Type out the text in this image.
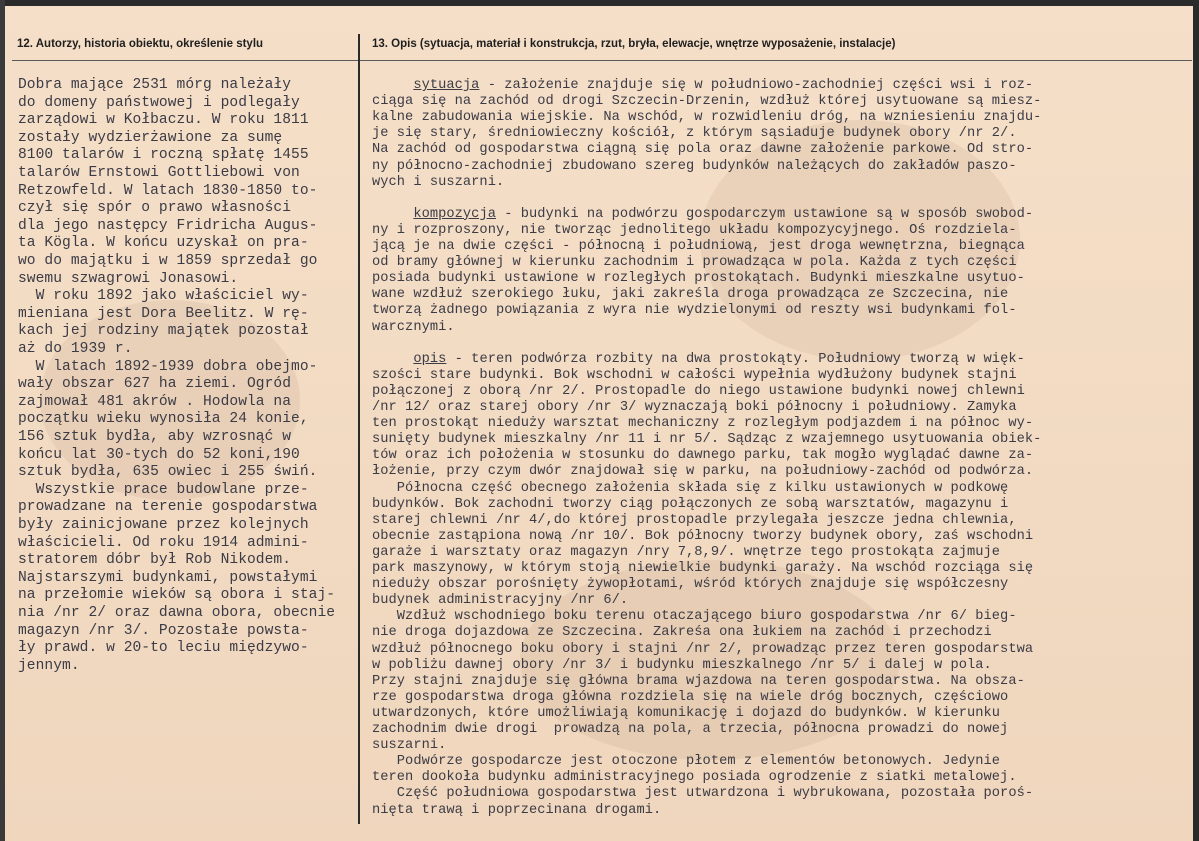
12. Autorzy, historia obiektu, określenie stylu	13. Opis (sytuacja, materiał i konstrukcja, rzut, bryła, elewacje, wnętrze wyposażenie, instalacje)
Dobra mające 2531 mórg należały
do domeny państwowej i podlegały
zarządowi w Kołbaczu. W roku 1811
zostały wydzierżawione za sumę
8100 talarów i roczną spłatę 1455
talarów Ernstowi Gottliebowi von
Retzowfeld. W latach 1830-1850 to-
czył się spór o prawo własności
dla jego następcy Fridricha Augus-
ta Kögla. W końcu uzyskał on pra-
wo do majątku i w 1859 sprzedał go
swemu szwagrowi Jonasowi.
W roku 1892 jako właściciel wy-
mieniana jest Dora Beelitz. W rę-
kach jej rodziny majątek pozostał
aż do 1939 r.
W latach 1892-1939 dobra obejmo-
wały obszar 627 ha ziemi. Ogród
zajmował 481 akrów . Hodowla na
początku wieku wynosiła 24 konie,
156 sztuk bydła, aby wzrosnąć w
końcu lat 30-tych do 52 koni,190
sztuk bydła, 635 owiec i 255 świń.
Wszystkie prace budowlane prze-
prowadzane na terenie gospodarstwa
były zainicjowane przez kolejnych
właścicieli. Od roku 1914 admini-
stratorem dóbr był Rob Nikodem.
Najstarszymi budynkami, powstałymi
na przełomie wieków są obora i staj-
nia /nr 2/ oraz dawna obora, obecnie
magazyn /nr 3/. Pozostałe powsta-
ły prawd. w 20-to leciu międzywo-
jennym.
sytuacja - założenie znajduje się w południowo-zachodniej części wsi i roz-
ciąga się na zachód od drogi Szczecin-Drzenin, wzdłuż której usytuowane są miesz-
kalne zabudowania wiejskie. Na wschód, w rozwidleniu dróg, na wzniesieniu znajdu-
je się stary, średniowieczny kościół, z którym sąsiaduje budynek obory /nr 2/.
Na zachód od gospodarstwa ciągną się pola oraz dawne założenie parkowe. Od stro-
ny północno-zachodniej zbudowano szereg budynków należących do zakładów paszo-
wych i suszarni.
kompozycja - budynki na podwórzu gospodarczym ustawione są w sposób swobod-
ny i rozproszony, nie tworząc jednolitego układu kompozycyjnego. Oś rozdziela-
jącą je na dwie części - północną i południową, jest droga wewnętrzna, biegnąca
od bramy głównej w kierunku zachodnim i prowadząca w pola. Każda z tych części
posiada budynki ustawione w rozległych prostokątach. Budynki mieszkalne usytuo-
wane wzdłuż szerokiego łuku, jaki zakreśla droga prowadząca ze Szczecina, nie
tworzą żadnego powiązania z wyra nie wydzielonymi od reszty wsi budynkami fol-
warcznymi.
opis - teren podwórza rozbity na dwa prostokąty. Południowy tworzą w więk-
szości stare budynki. Bok wschodni w całości wypełnia wydłużony budynek stajni
połączonej z oborą /nr 2/. Prostopadle do niego ustawione budynki nowej chlewni
/nr 12/ oraz starej obory /nr 3/ wyznaczają boki północny i południowy. Zamyka
ten prostokąt nieduży warsztat mechaniczny z rozległym podjazdem i na północ wy-
sunięty budynek mieszkalny /nr 11 i nr 5/. Sądząc z wzajemnego usytuowania obiek-
tów oraz ich położenia w stosunku do dawnego parku, tak mogło wyglądać dawne za-
łożenie, przy czym dwór znajdował się w parku, na południowy-zachód od podwórza.
Północna część obecnego założenia składa się z kilku ustawionych w podkowę
budynków. Bok zachodni tworzy ciąg połączonych ze sobą warsztatów, magazynu i
starej chlewni /nr 4/,do której prostopadle przylegała jeszcze jedna chlewnia,
obecnie zastąpiona nową /nr 10/. Bok północny tworzy budynek obory, zaś wschodni
garaże i warsztaty oraz magazyn /nry 7,8,9/. wnętrze tego prostokąta zajmuje
park maszynowy, w którym stoją niewielkie budynki garaży. Na wschód rozciąga się
nieduży obszar porośnięty żywopłotami, wśród których znajduje się współczesny
budynek administracyjny /nr 6/.
Wzdłuż wschodniego boku terenu otaczającego biuro gospodarstwa /nr 6/ bieg-
nie droga dojazdowa ze Szczecina. Zakreśa ona łukiem na zachód i przechodzi
wzdłuż północnego boku obory i stajni /nr 2/, prowadząc przez teren gospodarstwa
w pobliżu dawnej obory /nr 3/ i budynku mieszkalnego /nr 5/ i dalej w pola.
Przy stajni znajduje się główna brama wjazdowa na teren gospodarstwa. Na obsza-
rze gospodarstwa droga główna rozdziela się na wiele dróg bocznych, częściowo
utwardzonych, które umożliwiają komunikację i dojazd do budynków. W kierunku
zachodnim dwie drogi  prowadzą na pola, a trzecia, północna prowadzi do nowej
suszarni.
Podwórze gospodarcze jest otoczone płotem z elementów betonowych. Jedynie
teren dookoła budynku administracyjnego posiada ogrodzenie z siatki metalowej.
Część południowa gospodarstwa jest utwardzona i wybrukowana, pozostała poroś-
nięta trawą i poprzecinana drogami.
